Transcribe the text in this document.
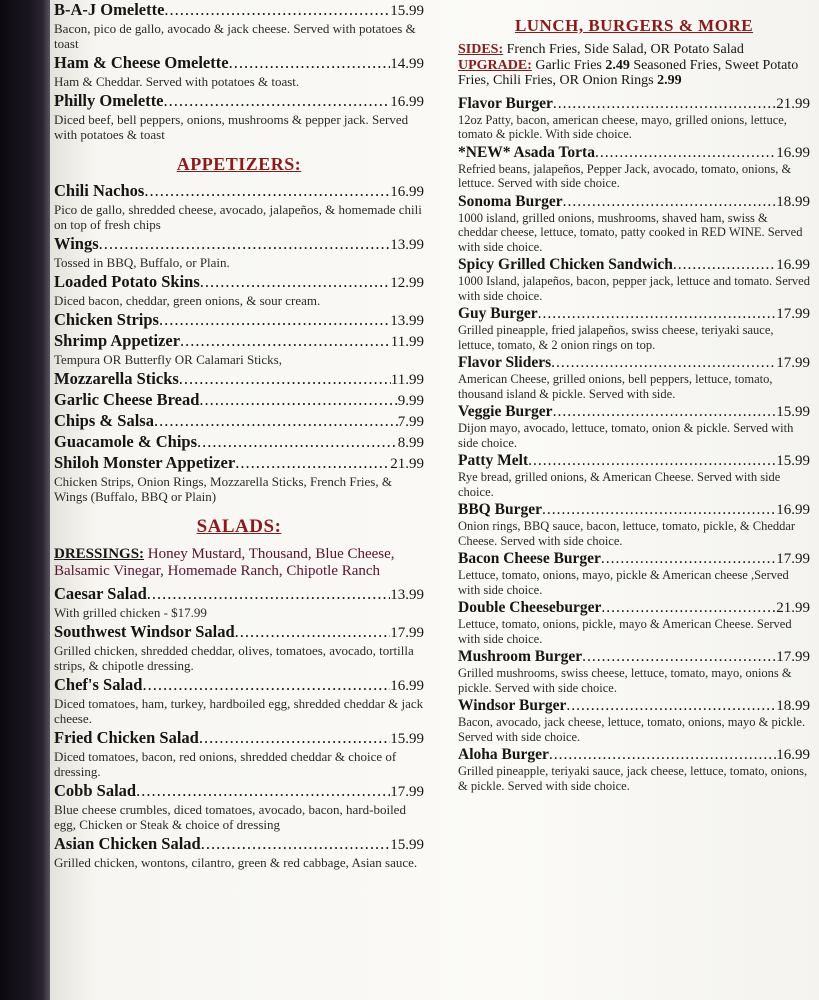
B-A-J Omelette .....	15.99
Bacon, pico de gallo, avocado & jack cheese. Served with potatoes & toast
Ham & Cheese Omelette .....	14.99
Ham & Cheddar. Served with potatoes & toast.
Philly Omelette .....	16.99
Diced beef, bell peppers, onions, mushrooms & pepper jack. Served with potatoes & toast
APPETIZERS:
Chili Nachos .....	16.99
Pico de gallo, shredded cheese, avocado, jalapeños, & homemade chili on top of fresh chips
Wings .....	13.99
Tossed in BBQ, Buffalo, or Plain.
Loaded Potato Skins .....	12.99
Diced bacon, cheddar, green onions, & sour cream.
Chicken Strips .....	13.99
Shrimp Appetizer .....	11.99
Tempura OR Butterfly OR Calamari Sticks,
Mozzarella Sticks .....	11.99
Garlic Cheese Bread .....	9.99
Chips & Salsa .....	7.99
Guacamole & Chips .....	8.99
Shiloh Monster Appetizer .....	21.99
Chicken Strips, Onion Rings, Mozzarella Sticks, French Fries, & Wings (Buffalo, BBQ or Plain)
SALADS:
DRESSINGS: Honey Mustard, Thousand, Blue Cheese, Balsamic Vinegar, Homemade Ranch, Chipotle Ranch
Caesar Salad .....	13.99
With grilled chicken - $17.99
Southwest Windsor Salad .....	17.99
Grilled chicken, shredded cheddar, olives, tomatoes, avocado, tortilla strips, & chipotle dressing.
Chef's Salad .....	16.99
Diced tomatoes, ham, turkey, hardboiled egg, shredded cheddar & jack cheese.
Fried Chicken Salad .....	15.99
Diced tomatoes, bacon, red onions, shredded cheddar & choice of dressing.
Cobb Salad .....	17.99
Blue cheese crumbles, diced tomatoes, avocado, bacon, hard-boiled egg, Chicken or Steak & choice of dressing
Asian Chicken Salad .....	15.99
Grilled chicken, wontons, cilantro, green & red cabbage, Asian sauce.
LUNCH, BURGERS & MORE
SIDES: French Fries, Side Salad, OR Potato Salad
UPGRADE: Garlic Fries 2.49 Seasoned Fries, Sweet Potato Fries, Chili Fries, OR Onion Rings 2.99
Flavor Burger .....	21.99
12oz Patty, bacon, american cheese, mayo, grilled onions, lettuce, tomato & pickle. With side choice.
*NEW* Asada Torta .....	16.99
Refried beans, jalapeños, Pepper Jack, avocado, tomato, onions, & lettuce. Served with side choice.
Sonoma Burger .....	18.99
1000 island, grilled onions, mushrooms, shaved ham, swiss & cheddar cheese, lettuce, tomato, patty cooked in RED WINE. Served with side choice.
Spicy Grilled Chicken Sandwich .....	16.99
1000 Island, jalapeños, bacon, pepper jack, lettuce and tomato. Served with side choice.
Guy Burger .....	17.99
Grilled pineapple, fried jalapeños, swiss cheese, teriyaki sauce, lettuce, tomato, & 2 onion rings on top.
Flavor Sliders .....	17.99
American Cheese, grilled onions, bell peppers, lettuce, tomato, thousand island & pickle. Served with side.
Veggie Burger .....	15.99
Dijon mayo, avocado, lettuce, tomato, onion & pickle. Served with side choice.
Patty Melt .....	15.99
Rye bread, grilled onions, & American Cheese. Served with side choice.
BBQ Burger .....	16.99
Onion rings, BBQ sauce, bacon, lettuce, tomato, pickle, & Cheddar Cheese. Served with side choice.
Bacon Cheese Burger .....	17.99
Lettuce, tomato, onions, mayo, pickle & American cheese ,Served with side choice.
Double Cheeseburger .....	21.99
Lettuce, tomato, onions, pickle, mayo & American Cheese. Served with side choice.
Mushroom Burger .....	17.99
Grilled mushrooms, swiss cheese, lettuce, tomato, mayo, onions & pickle. Served with side choice.
Windsor Burger .....	18.99
Bacon, avocado, jack cheese, lettuce, tomato, onions, mayo & pickle. Served with side choice.
Aloha Burger .....	16.99
Grilled pineapple, teriyaki sauce, jack cheese, lettuce, tomato, onions, & pickle. Served with side choice.
